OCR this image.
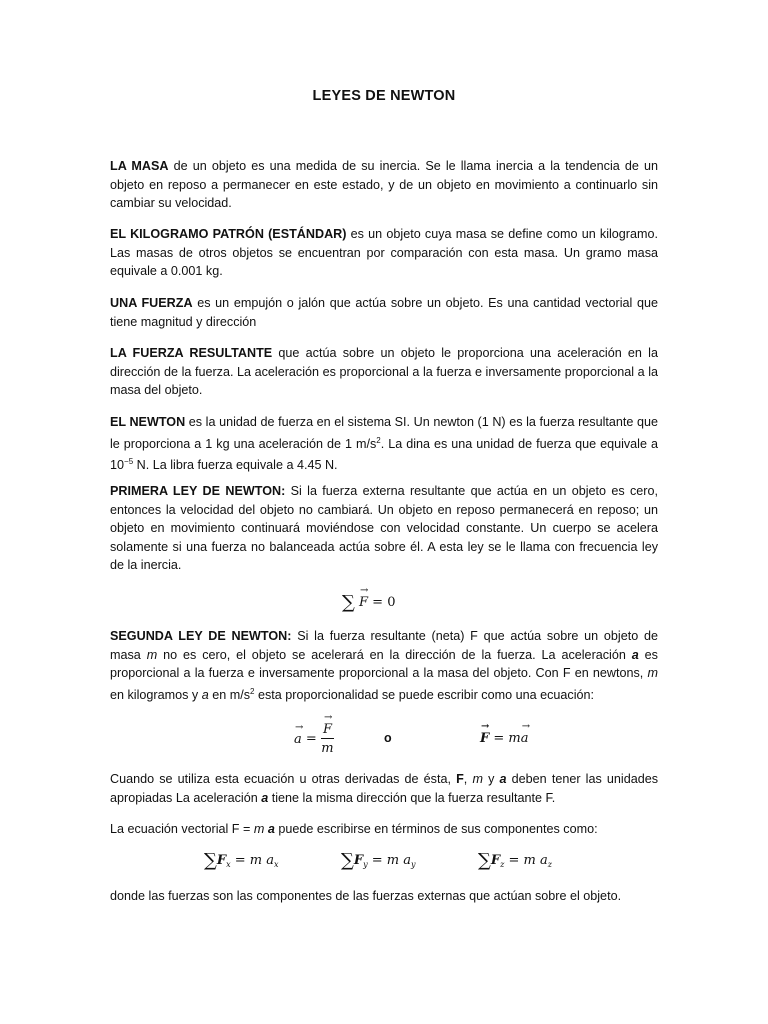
LEYES DE NEWTON

LA MASA de un objeto es una medida de su inercia. Se le llama inercia a la tendencia de un objeto en reposo a permanecer en este estado, y de un objeto en movimiento a continuarlo sin cambiar su velocidad.

EL KILOGRAMO PATRÓN (ESTÁNDAR) es un objeto cuya masa se define como un kilogramo. Las masas de otros objetos se encuentran por comparación con esta masa. Un gramo masa equivale a 0.001 kg.

UNA FUERZA es un empujón o jalón que actúa sobre un objeto. Es una cantidad vectorial que tiene magnitud y dirección

LA FUERZA RESULTANTE que actúa sobre un objeto le proporciona una aceleración en la dirección de la fuerza. La aceleración es proporcional a la fuerza e inversamente proporcional a la masa del objeto.

EL NEWTON es la unidad de fuerza en el sistema SI. Un newton (1 N) es la fuerza resultante que le proporciona a 1 kg una aceleración de 1 $m/s^2$. La dina es una unidad de fuerza que equivale a $10^{-5}$ N. La libra fuerza equivale a 4.45 N.

PRIMERA LEY DE NEWTON: Si la fuerza externa resultante que actúa en un objeto es cero, entonces la velocidad del objeto no cambiará. Un objeto en reposo permanecerá en reposo; un objeto en movimiento continuará moviéndose con velocidad constante. Un cuerpo se acelera solamente si una fuerza no balanceada actúa sobre él. A esta ley se le llama con frecuencia ley de la inercia.

∑ → F = 0

SEGUNDA LEY DE NEWTON: Si la fuerza resultante (neta) F que actúa sobre un objeto de masa m no es cero, el objeto se acelerará en la dirección de la fuerza. La aceleración a es proporcional a la fuerza e inversamente proporcional a la masa del objeto. Con F en newtons, m en kilogramos y a en $m/s^2$ esta proporcionalidad se puede escribir como una ecuación:

→ a = → $\frac{F}{m}$	o	→ F = m→ a

Cuando se utiliza esta ecuación u otras derivadas de ésta, F, m y a deben tener las unidades apropiadas La aceleración a tiene la misma dirección que la fuerza resultante F.

La ecuación vectorial F = m a puede escribirse en términos de sus componentes como:

$\sum F_x = m$ $a_x$	$\sum F_y = m$ $a_y$	$\sum F_z = m$ $a_z$

donde las fuerzas son las componentes de las fuerzas externas que actúan sobre el objeto.
